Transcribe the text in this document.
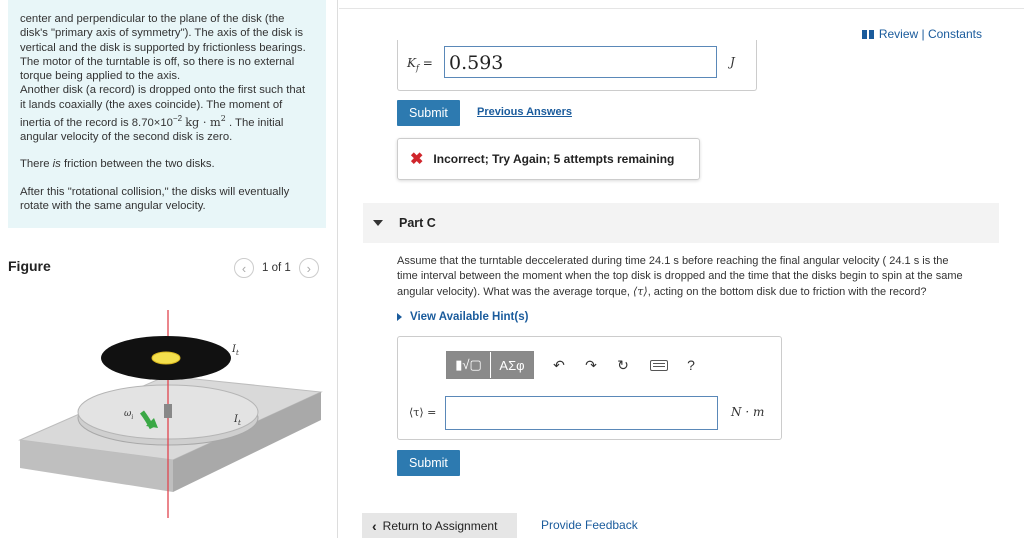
center and perpendicular to the plane of the disk (the

disk's "primary axis of symmetry"). The axis of the disk is

vertical and the disk is supported by frictionless bearings.

The motor of the turntable is off, so there is no external

torque being applied to the axis.

Another disk (a record) is dropped onto the first such that

it lands coaxially (the axes coincide). The moment of

inertia of the record is $8.70\times 10^{-2}$ kg · $m^2$ . The initial

angular velocity of the second disk is zero.

There is friction between the two disks.

After this "rotational collision," the disks will eventually

rotate with the same angular velocity.

Figure	‹	1 of 1	›
$I_t$
$I_t$
$\omega_i$
Review | Constants
$K_f = 0.593$	J
Submit	Previous Answers
✖ Incorrect; Try Again; 5 attempts remaining
Part C
Assume that the turntable deccelerated during time 24.1 s before reaching the final angular velocity ( 24.1 s is the
time interval between the moment when the top disk is dropped and the time that the disks begin to spin at the same
angular velocity). What was the average torque, ⟨τ⟩, acting on the bottom disk due to friction with the record?
View Available Hint(s)
▮√▢	ΑΣφ	↶	↷	↻	?
⟨τ⟩ =	N · m
Submit
‹ Return to Assignment	Provide Feedback
